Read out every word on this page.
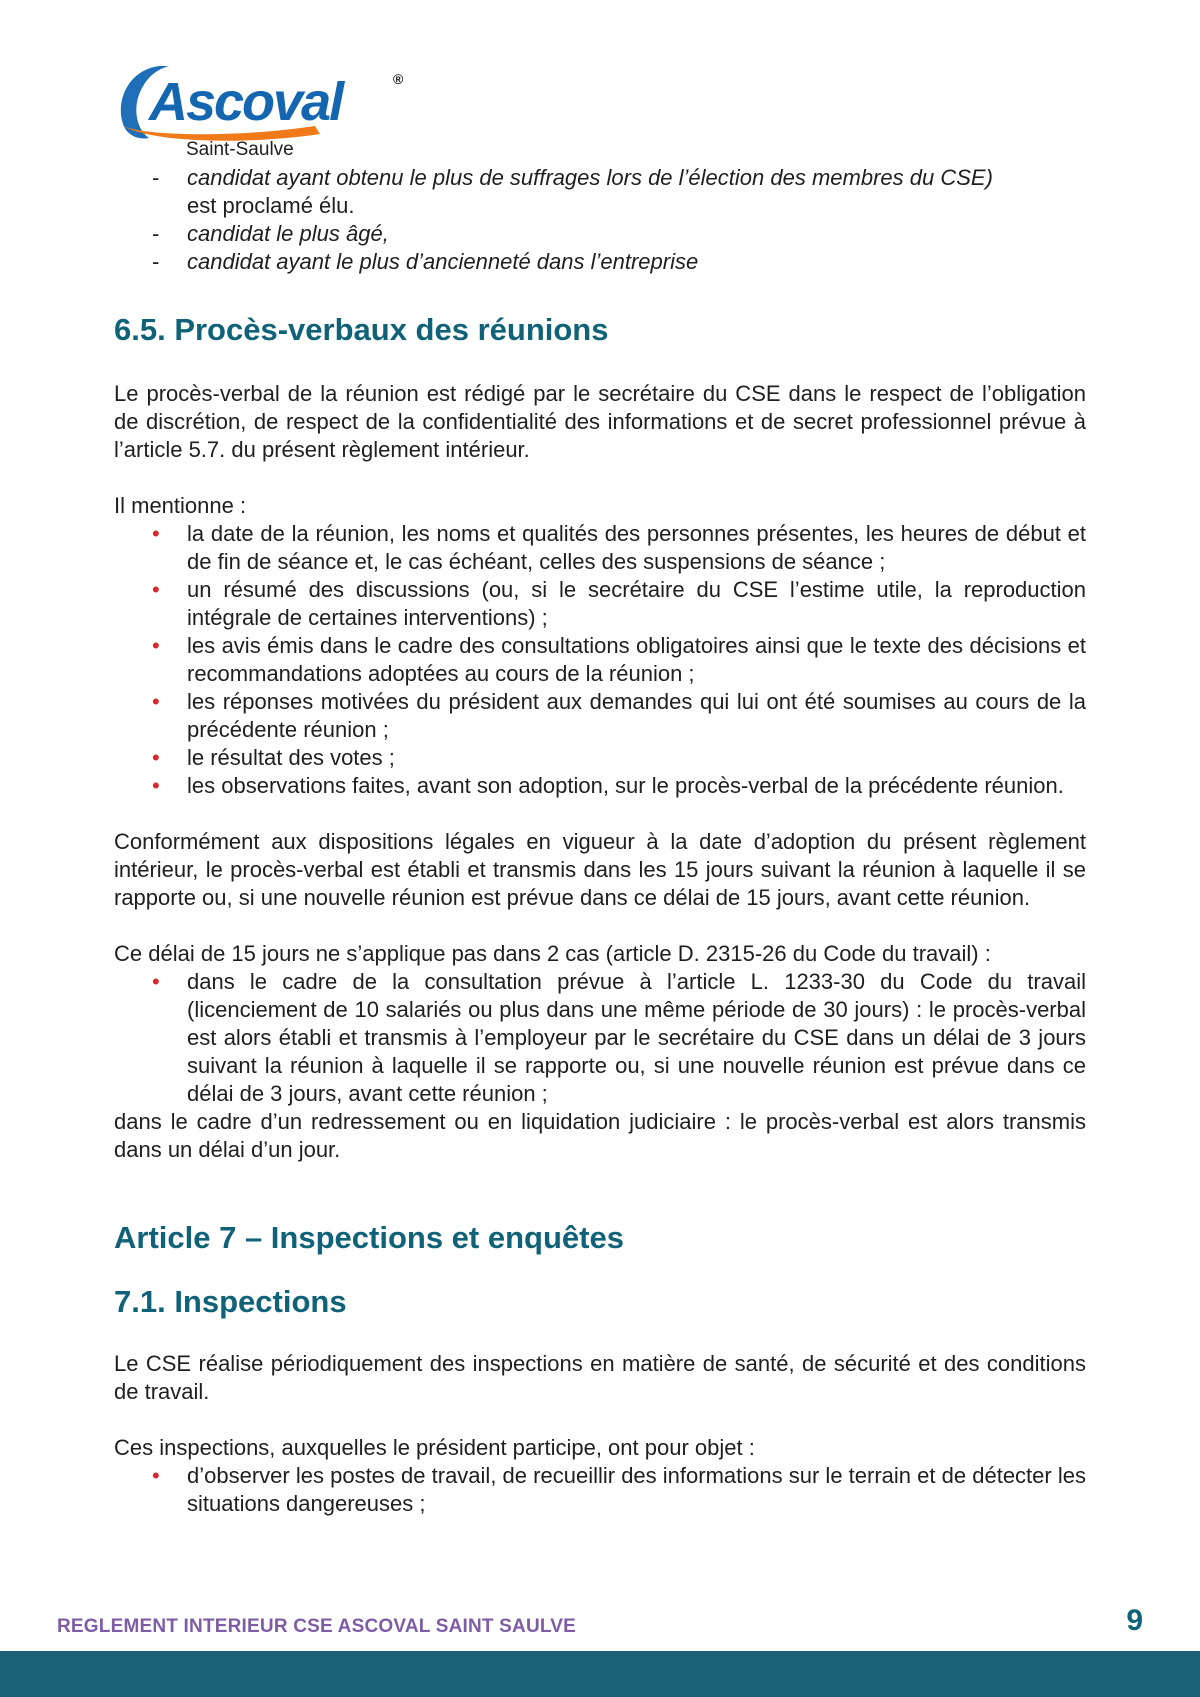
Ascoval	®
Saint-Saulve
- candidat ayant obtenu le plus de suffrages lors de l’élection des membres du CSE)
est proclamé élu.
- candidat le plus âgé,
- candidat ayant le plus d’ancienneté dans l’entreprise
6.5. Procès-verbaux des réunions

Le procès-verbal de la réunion est rédigé par le secrétaire du CSE dans le respect de l’obligation de discrétion, de respect de la confidentialité des informations et de secret professionnel prévue à l’article 5.7. du présent règlement intérieur.

Il mentionne :

• la date de la réunion, les noms et qualités des personnes présentes, les heures de début et de fin de séance et, le cas échéant, celles des suspensions de séance ;
• un résumé des discussions (ou, si le secrétaire du CSE l’estime utile, la reproduction intégrale de certaines interventions) ;
• les avis émis dans le cadre des consultations obligatoires ainsi que le texte des décisions et recommandations adoptées au cours de la réunion ;
• les réponses motivées du président aux demandes qui lui ont été soumises au cours de la précédente réunion ;
• le résultat des votes ;
• les observations faites, avant son adoption, sur le procès-verbal de la précédente réunion.

Conformément aux dispositions légales en vigueur à la date d’adoption du présent règlement intérieur, le procès-verbal est établi et transmis dans les 15 jours suivant la réunion à laquelle il se rapporte ou, si une nouvelle réunion est prévue dans ce délai de 15 jours, avant cette réunion.

Ce délai de 15 jours ne s’applique pas dans 2 cas (article D. 2315-26 du Code du travail) :

• dans le cadre de la consultation prévue à l’article L. 1233-30 du Code du travail (licenciement de 10 salariés ou plus dans une même période de 30 jours) : le procès-verbal est alors établi et transmis à l’employeur par le secrétaire du CSE dans un délai de 3 jours suivant la réunion à laquelle il se rapporte ou, si une nouvelle réunion est prévue dans ce délai de 3 jours, avant cette réunion ;

dans le cadre d’un redressement ou en liquidation judiciaire : le procès-verbal est alors transmis dans un délai d’un jour.

Article 7 – Inspections et enquêtes
7.1. Inspections

Le CSE réalise périodiquement des inspections en matière de santé, de sécurité et des conditions de travail.

Ces inspections, auxquelles le président participe, ont pour objet :

• d’observer les postes de travail, de recueillir des informations sur le terrain et de détecter les situations dangereuses ;
REGLEMENT INTERIEUR CSE ASCOVAL SAINT SAULVE	9
